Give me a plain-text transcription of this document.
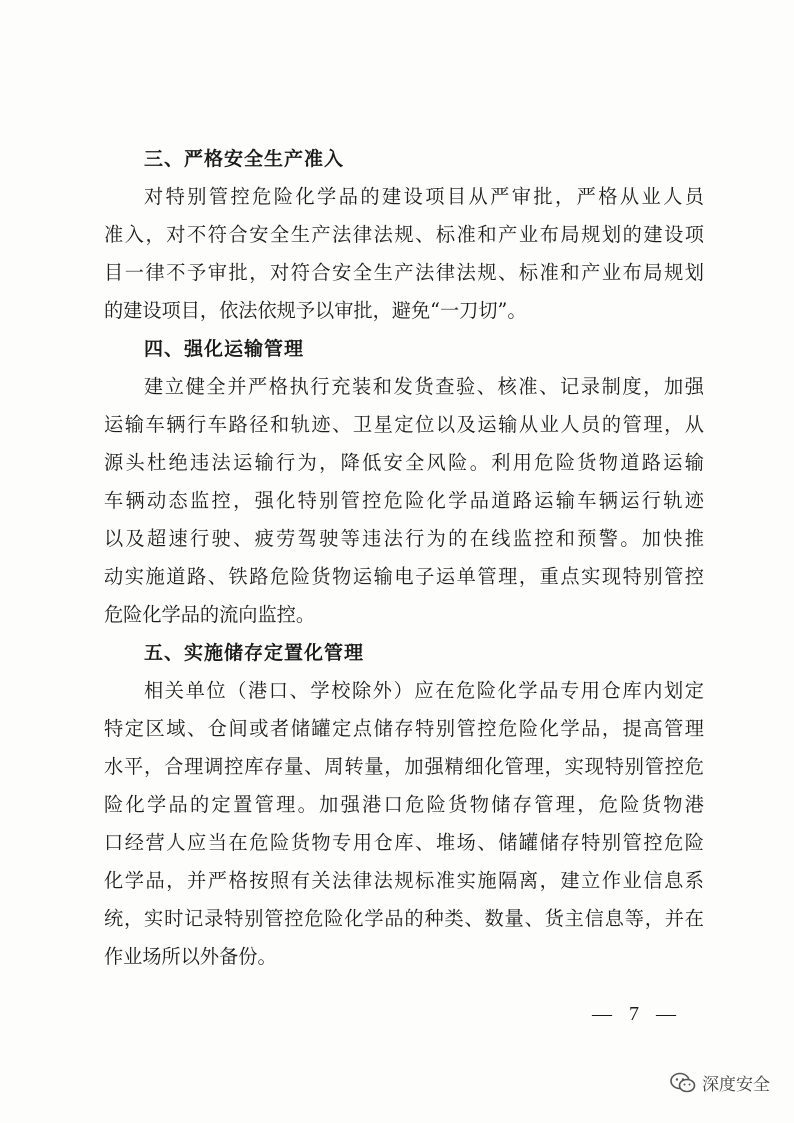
三、严格安全生产准入
对特别管控危险化学品的建设项目从严审批，严格从业人员
准入，对不符合安全生产法律法规、标准和产业布局规划的建设项
目一律不予审批，对符合安全生产法律法规、标准和产业布局规划
的建设项目，依法依规予以审批，避免“一刀切”。
四、强化运输管理
建立健全并严格执行充装和发货查验、核准、记录制度，加强
运输车辆行车路径和轨迹、卫星定位以及运输从业人员的管理，从
源头杜绝违法运输行为，降低安全风险。利用危险货物道路运输
车辆动态监控，强化特别管控危险化学品道路运输车辆运行轨迹
以及超速行驶、疲劳驾驶等违法行为的在线监控和预警。加快推
动实施道路、铁路危险货物运输电子运单管理，重点实现特别管控
危险化学品的流向监控。
五、实施储存定置化管理
相关单位（港口、学校除外）应在危险化学品专用仓库内划定
特定区域、仓间或者储罐定点储存特别管控危险化学品，提高管理
水平，合理调控库存量、周转量，加强精细化管理，实现特别管控危
险化学品的定置管理。加强港口危险货物储存管理，危险货物港
口经营人应当在危险货物专用仓库、堆场、储罐储存特别管控危险
化学品，并严格按照有关法律法规标准实施隔离，建立作业信息系
统，实时记录特别管控危险化学品的种类、数量、货主信息等，并在
作业场所以外备份。
— 7 —
深度安全
